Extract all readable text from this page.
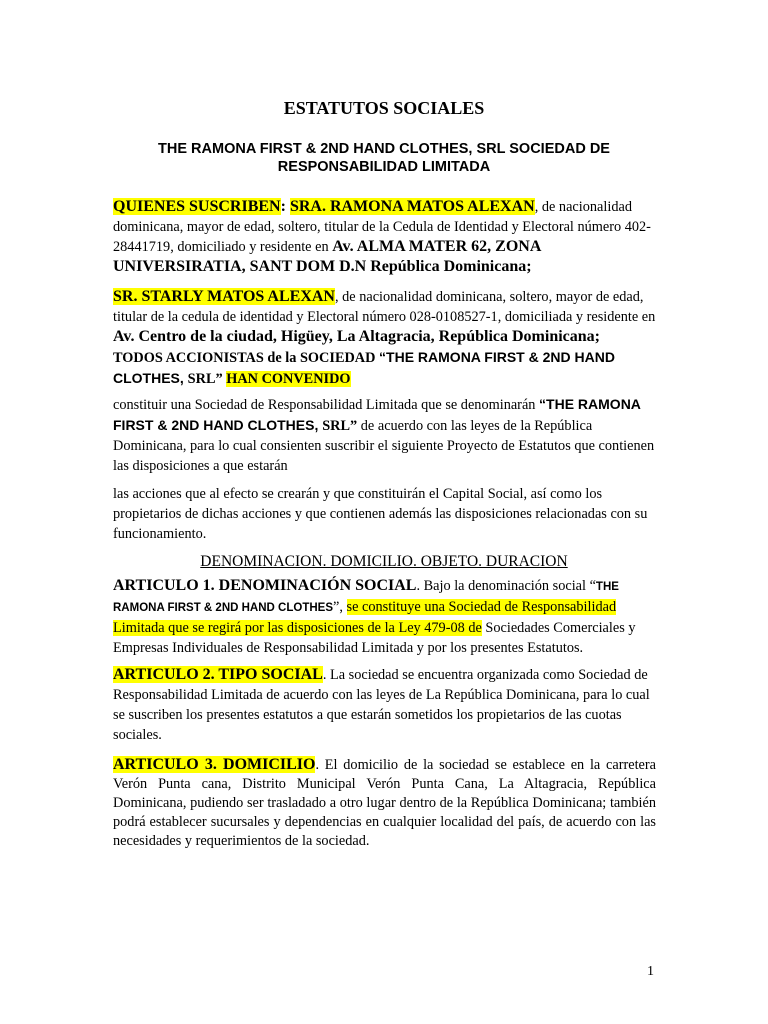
ESTATUTOS SOCIALES

THE RAMONA FIRST & 2ND HAND CLOTHES, SRL SOCIEDAD DE RESPONSABILIDAD LIMITADA

QUIENES SUSCRIBEN: SRA. RAMONA MATOS ALEXAN, de nacionalidad dominicana, mayor de edad, soltero, titular de la Cedula de Identidad y Electoral número 402-28441719, domiciliado y residente en Av. ALMA MATER 62, ZONA UNIVERSIRATIA, SANT DOM D.N República Dominicana;

SR. STARLY MATOS ALEXAN, de nacionalidad dominicana, soltero, mayor de edad, titular de la cedula de identidad y Electoral número 028-0108527-1, domiciliada y residente en Av. Centro de la ciudad, Higüey, La Altagracia, República Dominicana;

TODOS ACCIONISTAS de la SOCIEDAD “THE RAMONA FIRST & 2ND HAND CLOTHES, SRL” HAN CONVENIDO

constituir una Sociedad de Responsabilidad Limitada que se denominarán “THE RAMONA FIRST & 2ND HAND CLOTHES, SRL” de acuerdo con las leyes de la República Dominicana, para lo cual consienten suscribir el siguiente Proyecto de Estatutos que contienen las disposiciones a que estarán

las acciones que al efecto se crearán y que constituirán el Capital Social, así como los propietarios de dichas acciones y que contienen además las disposiciones relacionadas con su funcionamiento.

DENOMINACION. DOMICILIO. OBJETO. DURACION

ARTICULO 1. DENOMINACIÓN SOCIAL. Bajo la denominación social “THE RAMONA FIRST & 2ND HAND CLOTHES”, se constituye una Sociedad de Responsabilidad Limitada que se regirá por las disposiciones de la Ley 479-08 de Sociedades Comerciales y Empresas Individuales de Responsabilidad Limitada y por los presentes Estatutos.

ARTICULO 2. TIPO SOCIAL. La sociedad se encuentra organizada como Sociedad de Responsabilidad Limitada de acuerdo con las leyes de La República Dominicana, para lo cual se suscriben los presentes estatutos a que estarán sometidos los propietarios de las cuotas sociales.

ARTICULO 3. DOMICILIO. El domicilio de la sociedad se establece en la carretera Verón Punta cana, Distrito Municipal Verón Punta Cana, La Altagracia, República Dominicana, pudiendo ser trasladado a otro lugar dentro de la República Dominicana; también podrá establecer sucursales y dependencias en cualquier localidad del país, de acuerdo con las necesidades y requerimientos de la sociedad.

1
